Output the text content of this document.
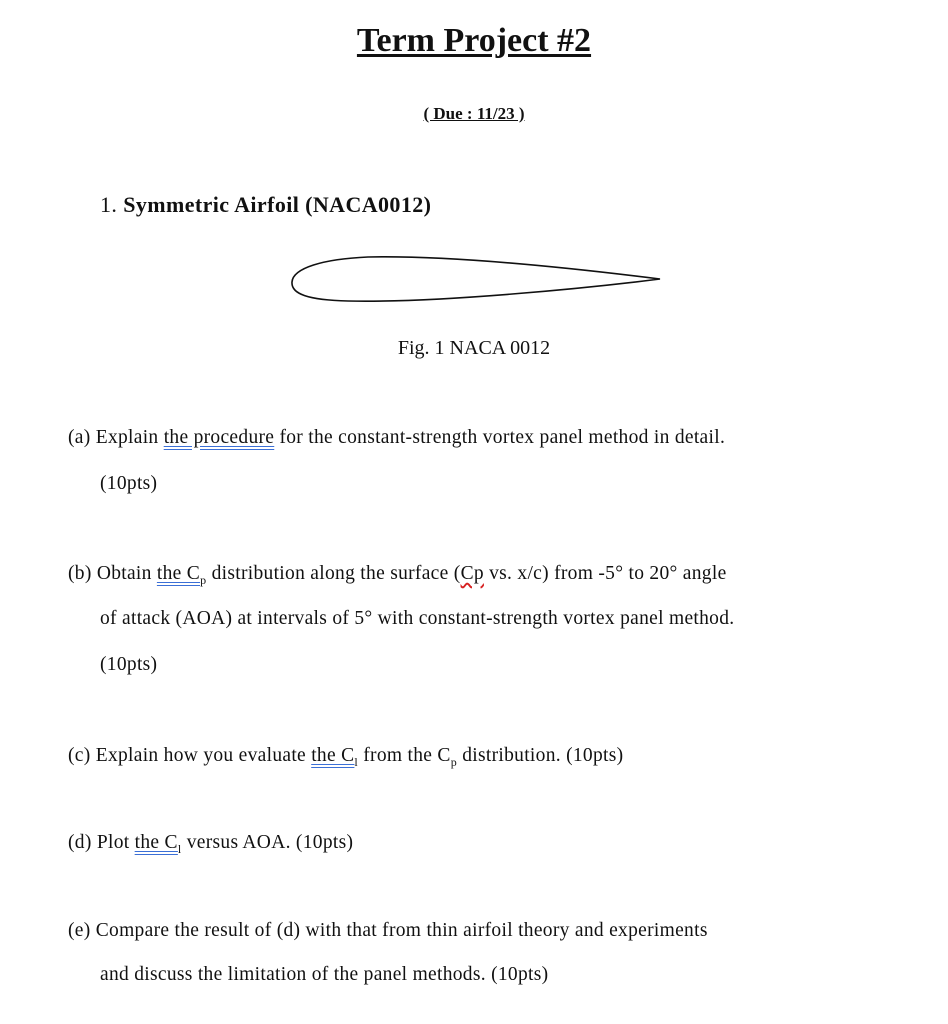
Term Project #2
( Due : 11/23 )
1. Symmetric Airfoil (NACA0012)
Fig. 1 NACA 0012
(a) Explain the procedure for the constant-strength vortex panel method in detail.
(10pts)
(b) Obtain the $C_p$ distribution along the surface (Cp vs. x/c) from -5° to 20° angle
of attack (AOA) at intervals of 5° with constant-strength vortex panel method.
(10pts)
(c) Explain how you evaluate the $C_l$ from the $C_p$ distribution. (10pts)
(d) Plot the $C_l$ versus AOA. (10pts)
(e) Compare the result of (d) with that from thin airfoil theory and experiments
and discuss the limitation of the panel methods. (10pts)
